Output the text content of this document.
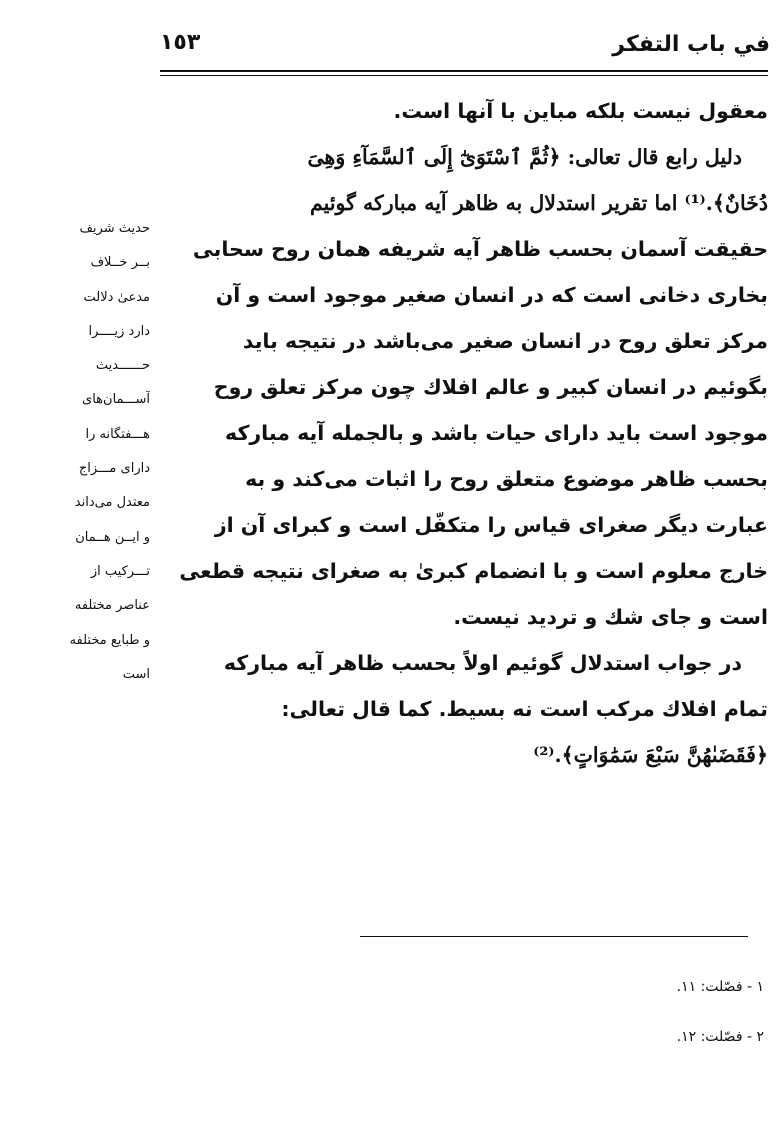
في باب التفكر
١٥٣
معقول نيست بلكه مباين با آنها است.
دليل رابع قال تعالى: ﴿ثُمَّ ٱسْتَوَىٰٓ إِلَى ٱلسَّمَآءِ وَهِىَ
دُخَانٌ﴾.⁽¹⁾ اما تقرير استدلال به ظاهر آيه مباركه گوئيم
حقيقت آسمان بحسب ظاهر آيه شريفه همان روح سحابى
بخارى دخانى است كه در انسان صغير موجود است و آن
مركز تعلق روح در انسان صغير مى‌باشد در نتيجه بايد
بگوئيم در انسان كبير و عالم افلاك چون مركز تعلق روح
موجود است بايد داراى حيات باشد و بالجمله آيه مباركه
بحسب ظاهر موضوع متعلق روح را اثبات مى‌كند و به
عبارت ديگر صغراى قياس را متكفّل است و كبراى آن از
خارج معلوم است و با انضمام كبرىٰ به صغراى نتيجه قطعى
است و جاى شك و ترديد نيست.
در جواب استدلال گوئيم اولاً بحسب ظاهر آيه مباركه
تمام افلاك مركب است نه بسيط. كما قال تعالى:
﴿فَقَضَىٰهُنَّ سَبْعَ سَمَٰوَاتٍ﴾.⁽²⁾
حديث شريف
بــر خــلاف
مدعىٰ دلالت
دارد زيــــرا
حــــــديث
آســـمان‌هاى
هـــفتگانه را
داراى مـــزاج
معتدل مى‌داند
و ايــن هــمان
تـــركيب از
عناصر مختلفه
و طبايع مختلفه
است
١ - فصّلت: ١١.
٢ - فصّلت: ١٢.
